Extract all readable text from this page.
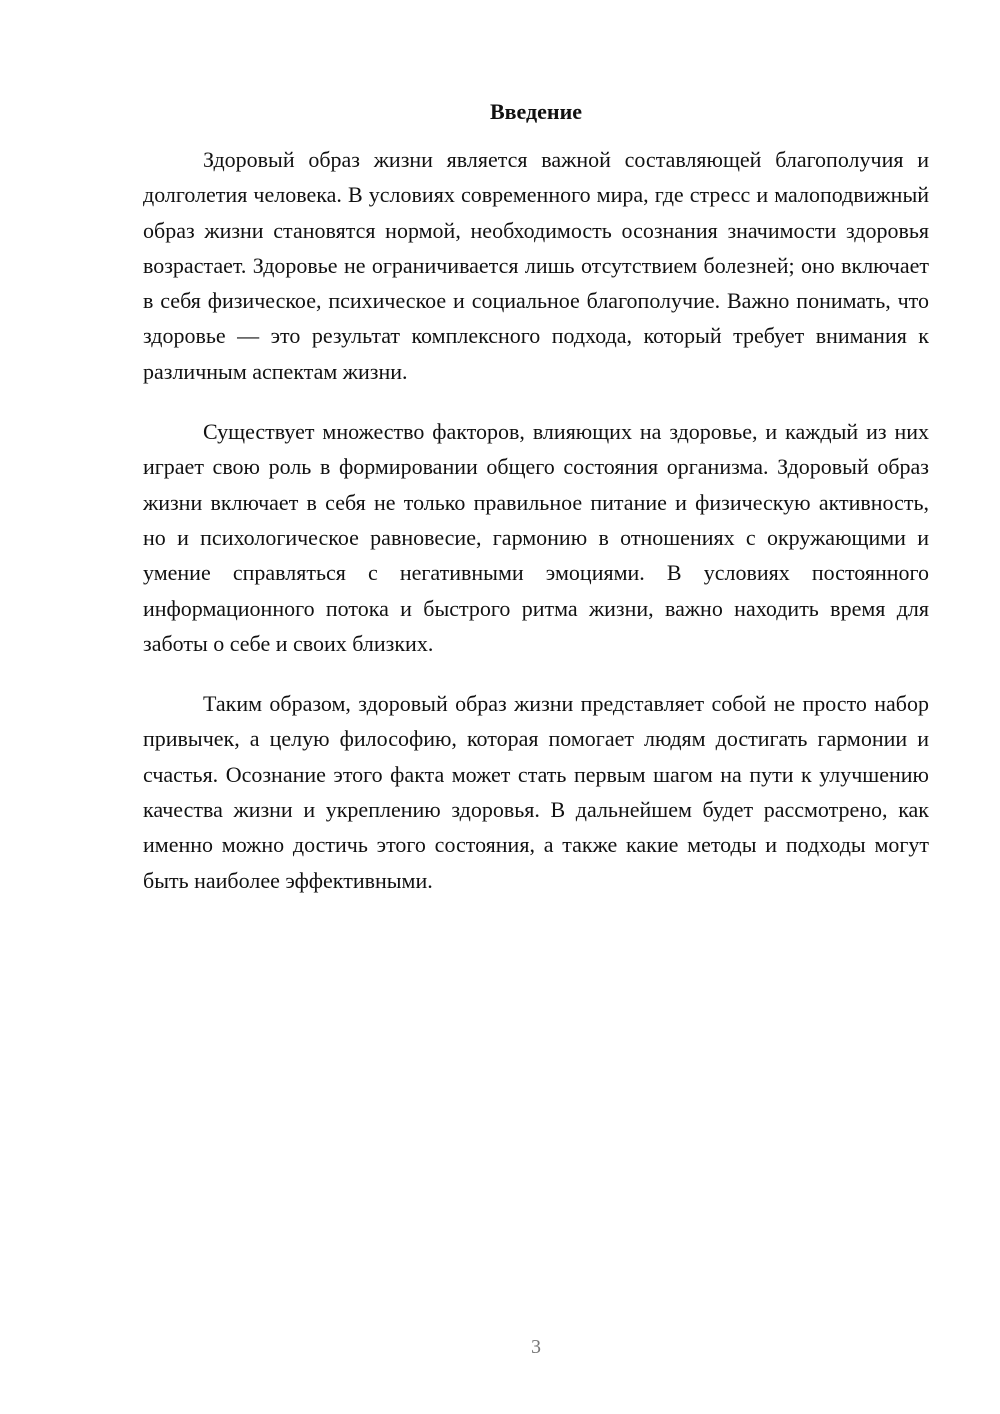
Введение

Здоровый образ жизни является важной составляющей благополучия и долголетия человека. В условиях современного мира, где стресс и малоподвижный образ жизни становятся нормой, необходимость осознания значимости здоровья возрастает. Здоровье не ограничивается лишь отсутствием болезней; оно включает в себя физическое, психическое и социальное благополучие. Важно понимать, что здоровье — это результат комплексного подхода, который требует внимания к различным аспектам жизни.

Существует множество факторов, влияющих на здоровье, и каждый из них играет свою роль в формировании общего состояния организма. Здоровый образ жизни включает в себя не только правильное питание и физическую активность, но и психологическое равновесие, гармонию в отношениях с окружающими и умение справляться с негативными эмоциями. В условиях постоянного информационного потока и быстрого ритма жизни, важно находить время для заботы о себе и своих близких.

Таким образом, здоровый образ жизни представляет собой не просто набор привычек, а целую философию, которая помогает людям достигать гармонии и счастья. Осознание этого факта может стать первым шагом на пути к улучшению качества жизни и укреплению здоровья. В дальнейшем будет рассмотрено, как именно можно достичь этого состояния, а также какие методы и подходы могут быть наиболее эффективными.

3
